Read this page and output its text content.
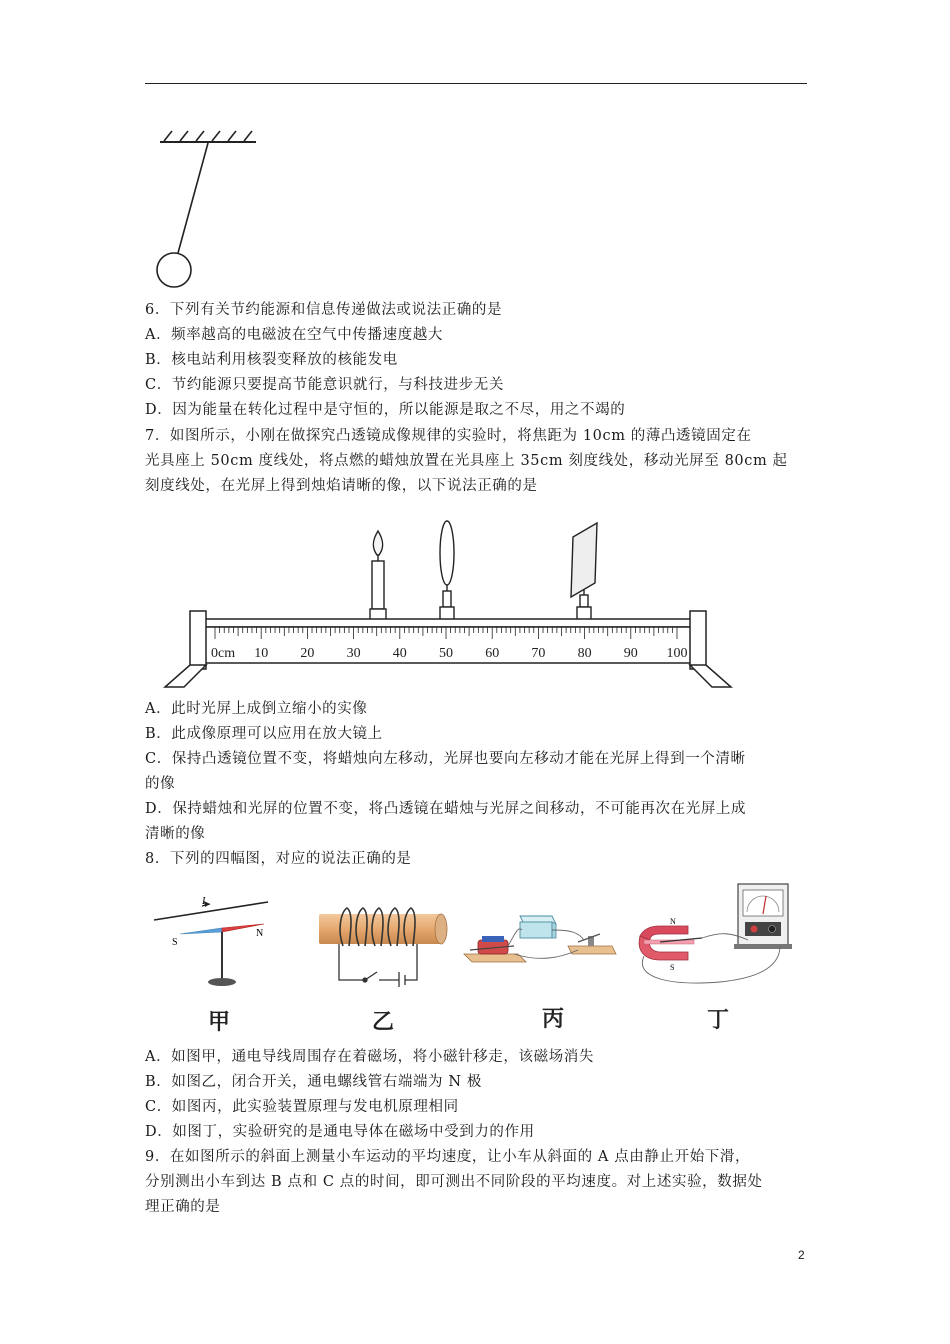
6．下列有关节约能源和信息传递做法或说法正确的是
A．频率越高的电磁波在空气中传播速度越大
B．核电站利用核裂变释放的核能发电
C．节约能源只要提高节能意识就行，与科技进步无关
D．因为能量在转化过程中是守恒的，所以能源是取之不尽，用之不竭的
7．如图所示，小刚在做探究凸透镜成像规律的实验时，将焦距为 10cm 的薄凸透镜固定在
光具座上 50cm 度线处，将点燃的蜡烛放置在光具座上 35cm 刻度线处，移动光屏至 80cm 起
刻度线处，在光屏上得到烛焰请晰的像，以下说法正确的是
0cm 10 20 30 40 50 60 70 80 90 100
A．此时光屏上成倒立缩小的实像
B．此成像原理可以应用在放大镜上
C．保持凸透镜位置不变，将蜡烛向左移动，光屏也要向左移动才能在光屏上得到一个清晰
的像
D．保持蜡烛和光屏的位置不变，将凸透镜在蜡烛与光屏之间移动，不可能再次在光屏上成
清晰的像
8．下列的四幅图，对应的说法正确的是
I
S
N
N
S
甲	乙	丙	丁
A．如图甲，通电导线周围存在着磁场，将小磁针移走，该磁场消失
B．如图乙，闭合开关，通电螺线管右端端为 N 极
C．如图丙，此实验装置原理与发电机原理相同
D．如图丁，实验研究的是通电导体在磁场中受到力的作用
9．在如图所示的斜面上测量小车运动的平均速度，让小车从斜面的 A 点由静止开始下滑，
分别测出小车到达 B 点和 C 点的时间，即可测出不同阶段的平均速度。对上述实验，数据处
理正确的是
2
